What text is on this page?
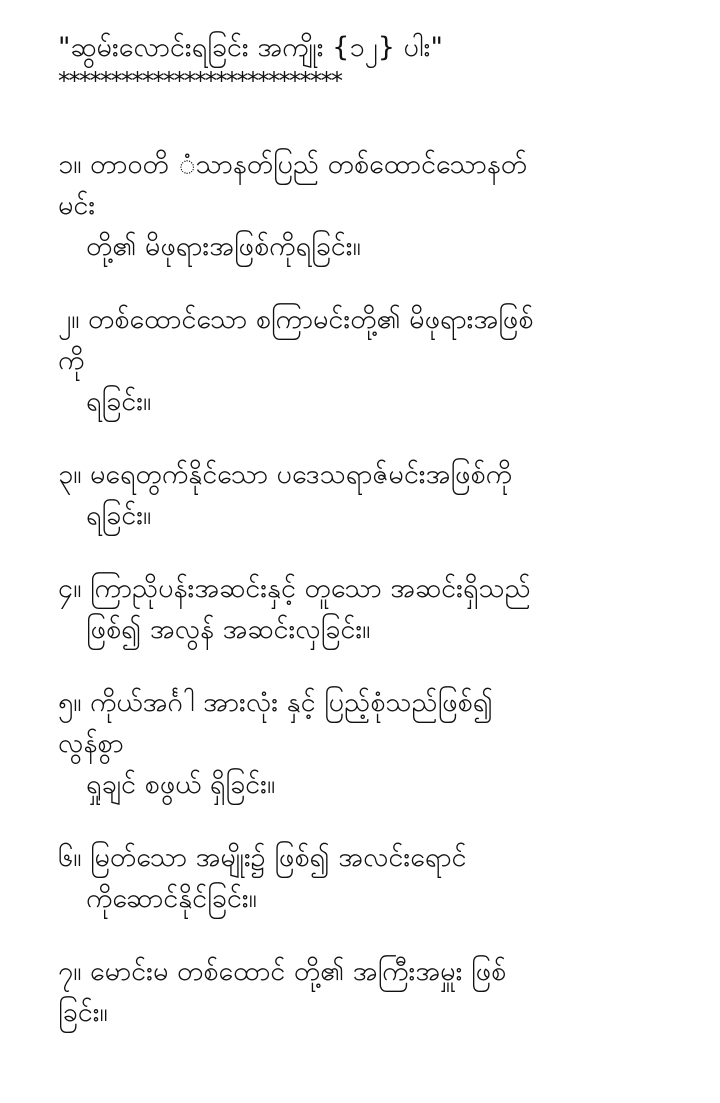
"ဆွမ်းလောင်းရခြင်း အကျိုး {၁၂} ပါး"

***************************

၁။ တာဝတိ ံသာနတ်ပြည် တစ်ထောင်သောနတ်
မင်း
တို့၏ မိဖုရားအဖြစ်ကိုရခြင်း။
၂။ တစ်ထောင်သော စကြာမင်းတို့၏ မိဖုရားအဖြစ်
ကို
ရခြင်း။
၃။ မရေတွက်နိုင်သော ပဒေသရာဇ်မင်းအဖြစ်ကို
ရခြင်း။
၄။ ကြာညိုပန်းအဆင်းနှင့် တူသော အဆင်းရှိသည်
ဖြစ်၍ အလွန် အဆင်းလှခြင်း။
၅။ ကိုယ်အင်္ဂါ အားလုံး နှင့် ပြည့်စုံသည်ဖြစ်၍
လွန်စွာ
ရှုချင် စဖွယ် ရှိခြင်း။
၆။ မြတ်သော အမျိုး၌ ဖြစ်၍ အလင်းရောင်
ကိုဆောင်နိုင်ခြင်း။
၇။ မောင်းမ တစ်ထောင် တို့၏ အကြီးအမှူး ဖြစ်
ခြင်း။
